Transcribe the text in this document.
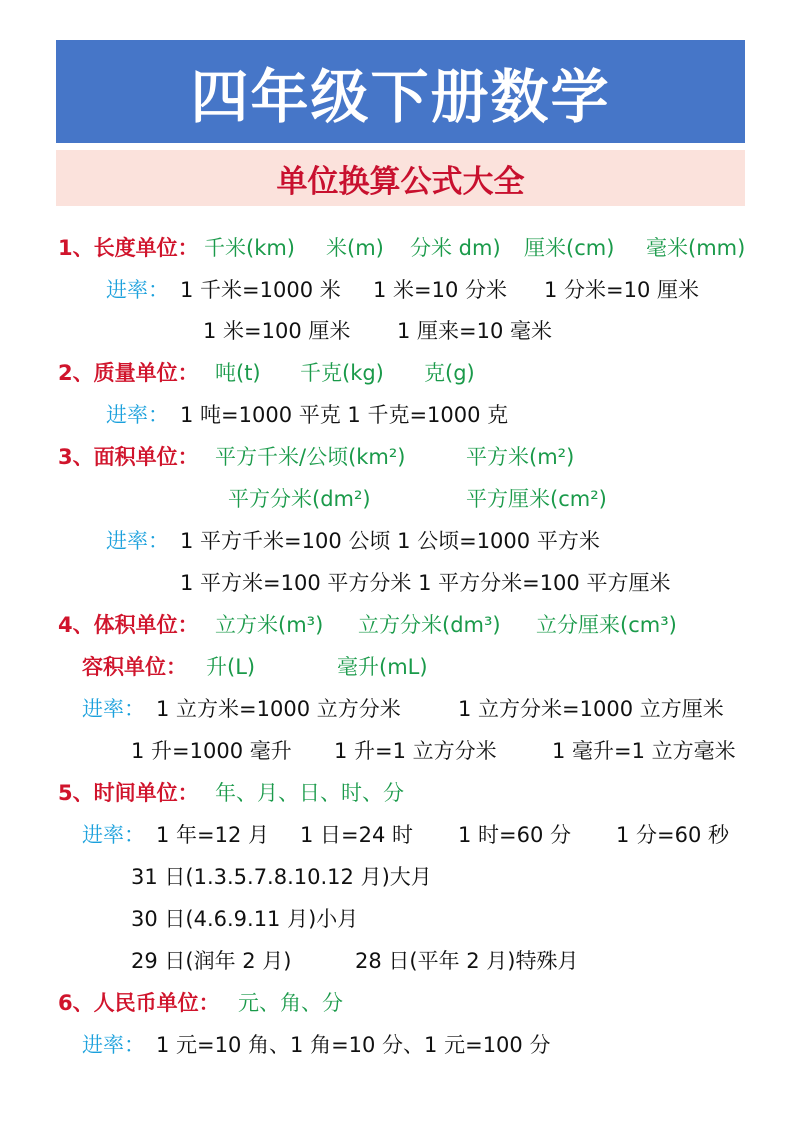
四年级下册数学
单位换算公式大全
1、长度单位： 千米(km) 米(m) 分米 dm) 厘米(cm) 毫米(mm)
进率： 1 千米=1000 米 1 米=10 分米 1 分米=10 厘米
1 米=100 厘米 1 厘来=10 毫米
2、质量单位： 吨(t) 千克(kg) 克(g)
进率： 1 吨=1000 平克 1 千克=1000 克
3、面积单位： 平方千米/公顷(km²)	平方米(m²)
平方分米(dm²)	平方厘米(cm²)
进率： 1 平方千米=100 公顷 1 公顷=1000 平方米
1 平方米=100 平方分米 1 平方分米=100 平方厘米
4、体积单位： 立方米(m³) 立方分米(dm³) 立分厘来(cm³)
容积单位： 升(L)	毫升(mL)
进率： 1 立方米=1000 立方分米	1 立方分米=1000 立方厘米
1 升=1000 毫升 1 升=1 立方分米	1 毫升=1 立方毫米
5、时间单位： 年、月、日、时、分
进率： 1 年=12 月 1 日=24 时 1 时=60 分 1 分=60 秒
31 日(1.3.5.7.8.10.12 月)大月
30 日(4.6.9.11 月)小月
29 日(润年 2 月)	28 日(平年 2 月)特殊月
6、人民币单位： 元、角、分
进率： 1 元=10 角、1 角=10 分、1 元=100 分
